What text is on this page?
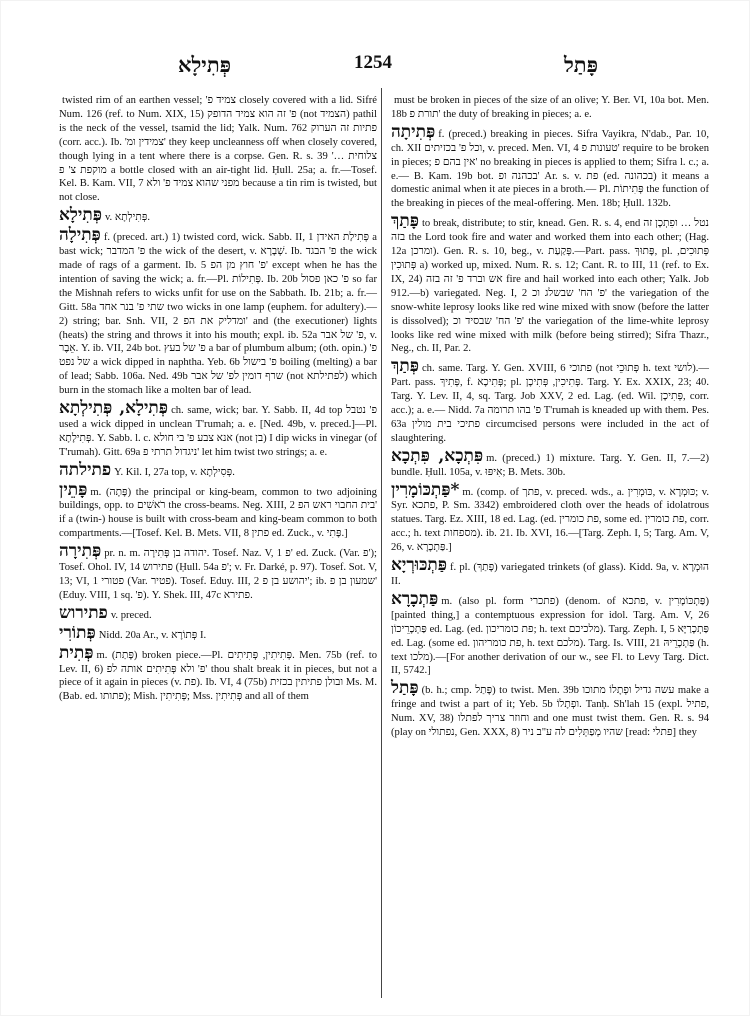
פְּתִילָא	1254	פָּתַל

twisted rim of an earthen vessel; 'צמיד פ closely covered with a lid. Sifré Num. 126 (ref. to Num. XIX, 15) פ' זה הוא צמיד הדופק (not הצמיד) pathil is the neck of the vessel, tsamid the lid; Yalk. Num. 762 פתיות זה הערוק (corr. acc.). Ib. 'צמידין ומ' they keep uncleanness off when closely covered, though lying in a tent where there is a corpse. Gen. R. s. 39 'צלוחית … מוקפת צ' פ a bottle closed with an air-tight lid. Ḥull. 25a; a. fr.—Tosef. Kel. B. Kam. VII, 7 מפני שהוא צמיד פ' ולא because a tin rim is twisted, but not close.

פְּתִילָא v. פְּתִילְתָא.

פְּתִילָה f. (preced. art.) 1) twisted cord, wick. Sabb. II, 1 פְּתִילַת האידן a bast wick; פ' המדבר the wick of the desert, v. שְׁבָרָא. Ib. פ' הבגד the wick made of rags of a garment. Ib. 5 פ' חוץ מן הפ' except when he has the intention of saving the wick; a. fr.—Pl. פְּתִילוֹת. Ib. 20b פ' כאן פסול so far the Mishnah refers to wicks unfit for use on the Sabbath. Ib. 21b; a. fr.—Gitt. 58a שתי פ' בנר אחד two wicks in one lamp (euphem. for adultery).— 2) string; bar. Snh. VII, 2 ומדליק את הפ' and (the executioner) lights (heats) the string and throws it into his mouth; expl. ib. 52a פ' של אבר, v. אֵבֶר. Y. ib. VII, 24b bot. פ' של בעץ a bar of plumbum album; (oth. opin.) פ' של נפט a wick dipped in naphtha. Yeb. 6b פ' בישול boiling (melting) a bar of lead; Sabb. 106a. Ned. 49b שרף דומין לפ' של אבר (not לפתילתא) which burn in the stomach like a molten bar of lead.

פְּתִילָא, פְּתִילְתָא ch. same, wick; bar. Y. Sabb. II, 4d top פ' נטבל used a wick dipped in unclean T'rumah; a. e. [Ned. 49b, v. preced.]—Pl. פְּתִילָתָא. Y. Sabb. l. c. אנא צבע פ' בי חולא (not בן) I dip wicks in vinegar (of T'rumah). Gitt. 69a ניגדול תרתי פ' let him twist two strings; a. e.

פתילתה Y. Kil. I, 27a top, v. פְּסִילְתָא.

פָּתֵין m. (פָּתָה) the principal or king-beam, common to two adjoining buildings, opp. to רֹאשִׁים the cross-beams. Neg. XIII, 2 בית החבוי ראש הפ' if a (twin-) house is built with cross-beam and king-beam common to both compartments.—[Tosef. Kel. B. Mets. VII, 8 פתין ed. Zuck., v. פָּתִי.]

פְּתִירָה pr. n. m. יהודה בן פְּתִירָה. Tosef. Naz. V, 1 פ' ed. Zuck. (Var. פ'); Tosef. Ohol. IV, 14 פתירוש (Ḥull. 54a פ'; v. Fr. Darké, p. 97). Tosef. Sot. V, 13; VI, 1 פטורי (Var. פטיר). Tosef. Eduy. III, 2 יהושע בן פ'; ib. שמעון בן פ' (Eduy. VIII, 1 sq. 'פ). Y. Shek. III, 47c פתירא.

פתירוש v. preced.

פְּתוֹרִי Nidd. 20a Ar., v. פְּתוֹרָא I.

פְּתִית m. (פָּתַת) broken piece.—Pl. פְּתִיתִין, פְּתִיתִים. Men. 75b (ref. to Lev. II, 6) פ' ולא פְּתִיתִים אותה לפ' thou shalt break it in pieces, but not a piece of it again in pieces (v. פת). Ib. VI, 4 (75b) ובולן פתיתין בכזית Ms. M. (Bab. ed. פתותו); Mish. פְּתִיתִין; Mss. פְּתִיתִין and all of them

must be broken in pieces of the size of an olive; Y. Ber. VI, 10a bot. Men. 18b תורת פ' the duty of breaking in pieces; a. e.

פְּתִיתָה f. (preced.) breaking in pieces. Sifra Vayikra, N'dab., Par. 10, ch. XII וכל פ' בכזיתים, v. preced. Men. VI, 4 טעונות פ' require to be broken in pieces; אין בהם פ' no breaking in pieces is applied to them; Sifra l. c.; a. e.— B. Kam. 19b bot. בכהנה ופ' Ar. s. v. פת (ed. בכהונה) it means a domestic animal when it ate pieces in a broth.— Pl. פְּתִיתוֹת the function of the breaking in pieces of the meal-offering. Men. 18b; Ḥull. 132b.

פָּתַךְ to break, distribute; to stir, knead. Gen. R. s. 4, end נטל … ופִתְכָן זה בזה the Lord took fire and water and worked them into each other; (Hag. 12a ומרכן). Gen. R. s. 10, beg., v. פְּקַעַת.—Part. pass. פָּתוּךְ, pl. פְּתוּכִים, פְּתוּכִין a) worked up, mixed. Num. R. s. 12; Cant. R. to III, 11 (ref. to Ex. IX, 24) אש וברד פ' זה בזה fire and hail worked into each other; Yalk. Job 912.—b) variegated. Neg. I, 2 פ' הח' שבשלג וכ' the variegation of the snow-white leprosy looks like red wine mixed with snow (before the latter is dissolved); פ' הח' שבסיד וכ' the variegation of the lime-white leprosy looks like red wine mixed with milk (before being stirred); Sifra Thazr., Neg., ch. II, Par. 2.

פְּתַךְ ch. same. Targ. Y. Gen. XVIII, 6 פתוכי (not פְּתוּכֵי h. text לושי).—Part. pass. פְּתִיךְ, f. פְּתִיכָא; pl. פְּתִיכִין, פְּתִיכָן. Targ. Y. Ex. XXIX, 23; 40. Targ. Y. Lev. II, 4, sq. Targ. Job XXV, 2 ed. Lag. (ed. Wil. פְּתִיכָן, corr. acc.); a. e.— Nidd. 7a פ' בהו תרומה T'rumah is kneaded up with them. Pes. 63a פתיכי בית מולין circumcised persons were included in the act of slaughtering.

פִּתְכָא, פִּתְכָא m. (preced.) 1) mixture. Targ. Y. Gen. II, 7.—2) bundle. Ḥull. 105a, v. אִיפּוּ; B. Mets. 30b.

*פַּתְכּוֹמָרִין m. (comp. of פתך, v. preced. wds., a. כּוּמְרִין, v. כּוּמְרָא; v. Syr. פתכא, P. Sm. 3342) embroidered cloth over the heads of idolatrous statues. Targ. Ez. XIII, 18 ed. Lag. (ed. פת כומרין, some ed. פת כומרין, corr. acc.; h. text מספחות). ib. 21. Ib. XVI, 16.—[Targ. Zeph. I, 5; Targ. Am. V, 26, v. פַּתְכָרָא.]

פַּתְכּוּרְיָא f. pl. (פָּתַךְ) variegated trinkets (of glass). Kidd. 9a, v. הוּמְרָא II.

פַּתְכָרָא m. (also pl. form פתכרי) (denom. of פתכא, v. פַּתְכּוֹמָרִין) [painted thing,] a contemptuous expression for idol. Targ. Am. V, 26 פַּתְכָרֵיכוֹן ed. Lag. (ed. פת כומריכון; h. text מלכיכם). Targ. Zeph. I, 5 פַּתְכָרַיָּא ed. Lag. (some ed. פת כומריהון, h. text מלכם). Targ. Is. VIII, 21 פַּתְכָרֵיהּ (h. text מלכו).—[For another derivation of our w., see Fl. to Levy Targ. Dict. II, 5742.]

פָּתַל (b. h.; cmp. פָּתַל) to twist. Men. 39b עשה גדיל ופְתָלוֹ מתוכו make a fringe and twist a part of it; Yeb. 5b ופְתָלוֹ. Tanḥ. Sh'lah 15 (expl. פתיל, Num. XV, 38) וחוזר צריך לפתלו and one must twist them. Gen. R. s. 94 (play on נפתולי, Gen. XXX, 8) שהיו מְפַתְּלִים לה ע"ב ניר [read: פתלי] they
